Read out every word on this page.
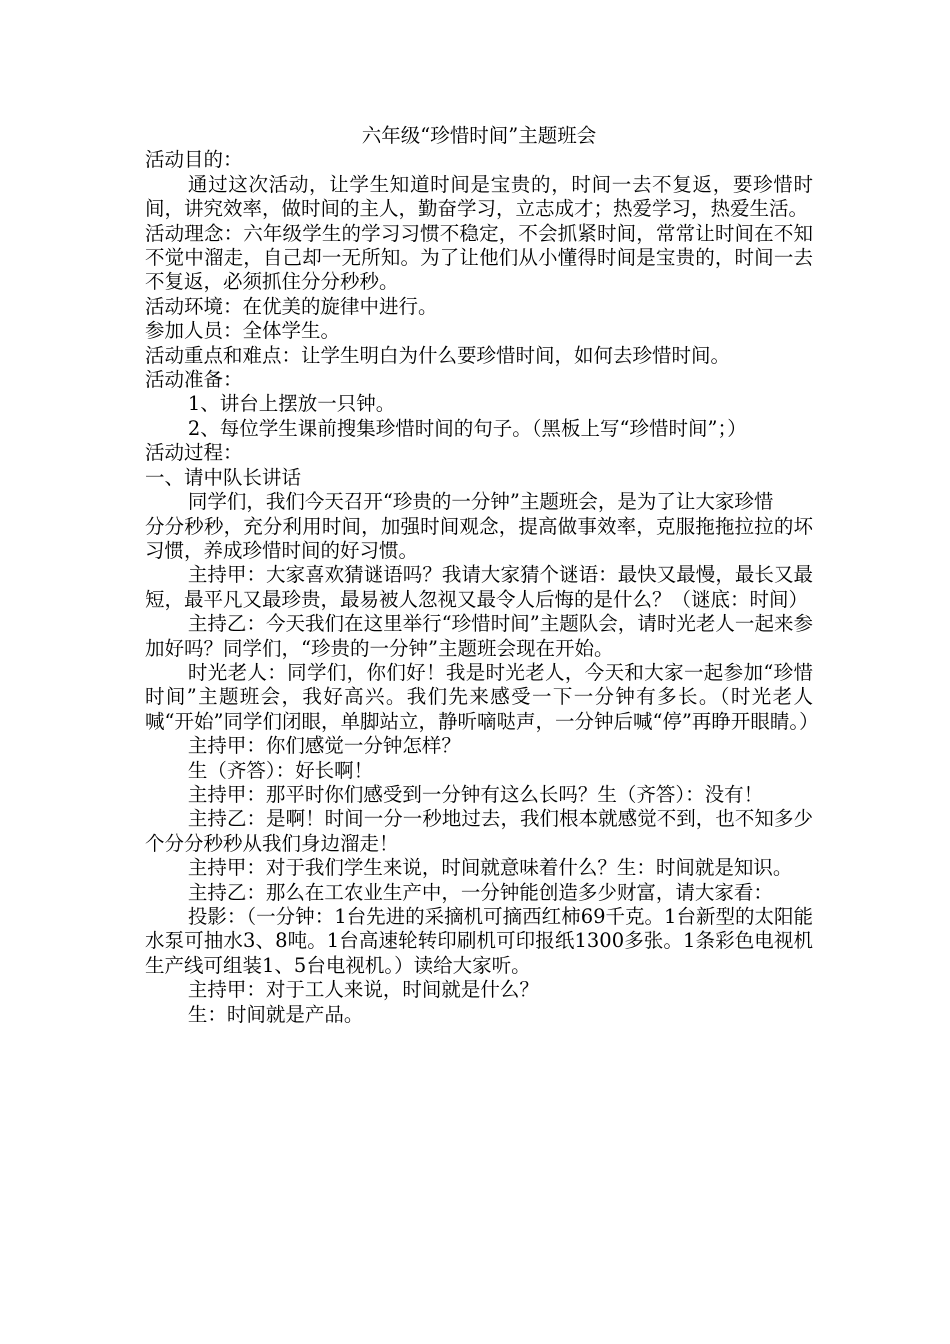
六年级“珍惜时间”主题班会

活动目的：

通过这次活动，让学生知道时间是宝贵的，时间一去不复返，要珍惜时间，讲究效率，做时间的主人，勤奋学习，立志成才；热爱学习，热爱生活。

活动理念：六年级学生的学习习惯不稳定，不会抓紧时间，常常让时间在不知不觉中溜走，自己却一无所知。为了让他们从小懂得时间是宝贵的，时间一去不复返，必须抓住分分秒秒。

活动环境：在优美的旋律中进行。

参加人员：全体学生。

活动重点和难点：让学生明白为什么要珍惜时间，如何去珍惜时间。

活动准备：

1、讲台上摆放一只钟。

2、每位学生课前搜集珍惜时间的句子。（黑板上写“珍惜时间”；）

活动过程：

一、请中队长讲话

同学们，我们今天召开“珍贵的一分钟”主题班会，是为了让大家珍惜

分分秒秒，充分利用时间，加强时间观念，提高做事效率，克服拖拖拉拉的坏习惯，养成珍惜时间的好习惯。

主持甲：大家喜欢猜谜语吗？我请大家猜个谜语：最快又最慢，最长又最短，最平凡又最珍贵，最易被人忽视又最令人后悔的是什么？（谜底：时间）

主持乙：今天我们在这里举行“珍惜时间”主题队会，请时光老人一起来参加好吗？同学们，“珍贵的一分钟”主题班会现在开始。

时光老人：同学们，你们好！我是时光老人，今天和大家一起参加“珍惜时间”主题班会，我好高兴。我们先来感受一下一分钟有多长。（时光老人喊“开始”同学们闭眼，单脚站立，静听嘀哒声，一分钟后喊“停”再睁开眼睛。）

主持甲：你们感觉一分钟怎样？

生（齐答）：好长啊！

主持甲：那平时你们感受到一分钟有这么长吗？生（齐答）：没有！

主持乙：是啊！时间一分一秒地过去，我们根本就感觉不到，也不知多少个分分秒秒从我们身边溜走！

主持甲：对于我们学生来说，时间就意味着什么？生：时间就是知识。

主持乙：那么在工农业生产中，一分钟能创造多少财富，请大家看：

投影：（一分钟：1台先进的采摘机可摘西红柿69千克。1台新型的太阳能水泵可抽水3、8吨。1台高速轮转印刷机可印报纸1300多张。1条彩色电视机生产线可组装1、5台电视机。）读给大家听。

主持甲：对于工人来说，时间就是什么？

生：时间就是产品。
